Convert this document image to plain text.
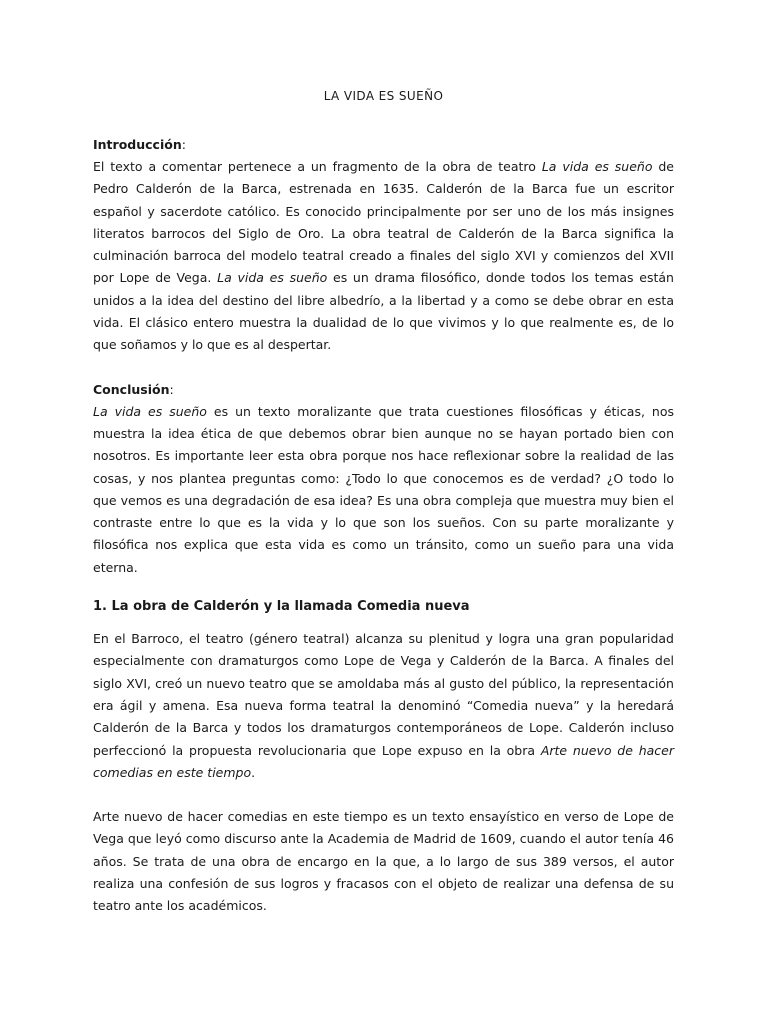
LA VIDA ES SUEÑO

Introducción:

El texto a comentar pertenece a un fragmento de la obra de teatro La vida es sueño de Pedro Calderón de la Barca, estrenada en 1635. Calderón de la Barca fue un escritor español y sacerdote católico. Es conocido principalmente por ser uno de los más insignes literatos barrocos del Siglo de Oro. La obra teatral de Calderón de la Barca significa la culminación barroca del modelo teatral creado a finales del siglo XVI y comienzos del XVII por Lope de Vega. La vida es sueño es un drama filosófico, donde todos los temas están unidos a la idea del destino del libre albedrío, a la libertad y a como se debe obrar en esta vida. El clásico entero muestra la dualidad de lo que vivimos y lo que realmente es, de lo que soñamos y lo que es al despertar.

Conclusión:

La vida es sueño es un texto moralizante que trata cuestiones filosóficas y éticas, nos muestra la idea ética de que debemos obrar bien aunque no se hayan portado bien con nosotros. Es importante leer esta obra porque nos hace reflexionar sobre la realidad de las cosas, y nos plantea preguntas como: ¿Todo lo que conocemos es de verdad? ¿O todo lo que vemos es una degradación de esa idea? Es una obra compleja que muestra muy bien el contraste entre lo que es la vida y lo que son los sueños. Con su parte moralizante y filosófica nos explica que esta vida es como un tránsito, como un sueño para una vida eterna.

1. La obra de Calderón y la llamada Comedia nueva

En el Barroco, el teatro (género teatral) alcanza su plenitud y logra una gran popularidad especialmente con dramaturgos como Lope de Vega y Calderón de la Barca. A finales del siglo XVI, creó un nuevo teatro que se amoldaba más al gusto del público, la representación era ágil y amena. Esa nueva forma teatral la denominó “Comedia nueva” y la heredará Calderón de la Barca y todos los dramaturgos contemporáneos de Lope. Calderón incluso perfeccionó la propuesta revolucionaria que Lope expuso en la obra Arte nuevo de hacer comedias en este tiempo.

Arte nuevo de hacer comedias en este tiempo es un texto ensayístico en verso de Lope de Vega que leyó como discurso ante la Academia de Madrid de 1609, cuando el autor tenía 46 años. Se trata de una obra de encargo en la que, a lo largo de sus 389 versos, el autor realiza una confesión de sus logros y fracasos con el objeto de realizar una defensa de su teatro ante los académicos.
